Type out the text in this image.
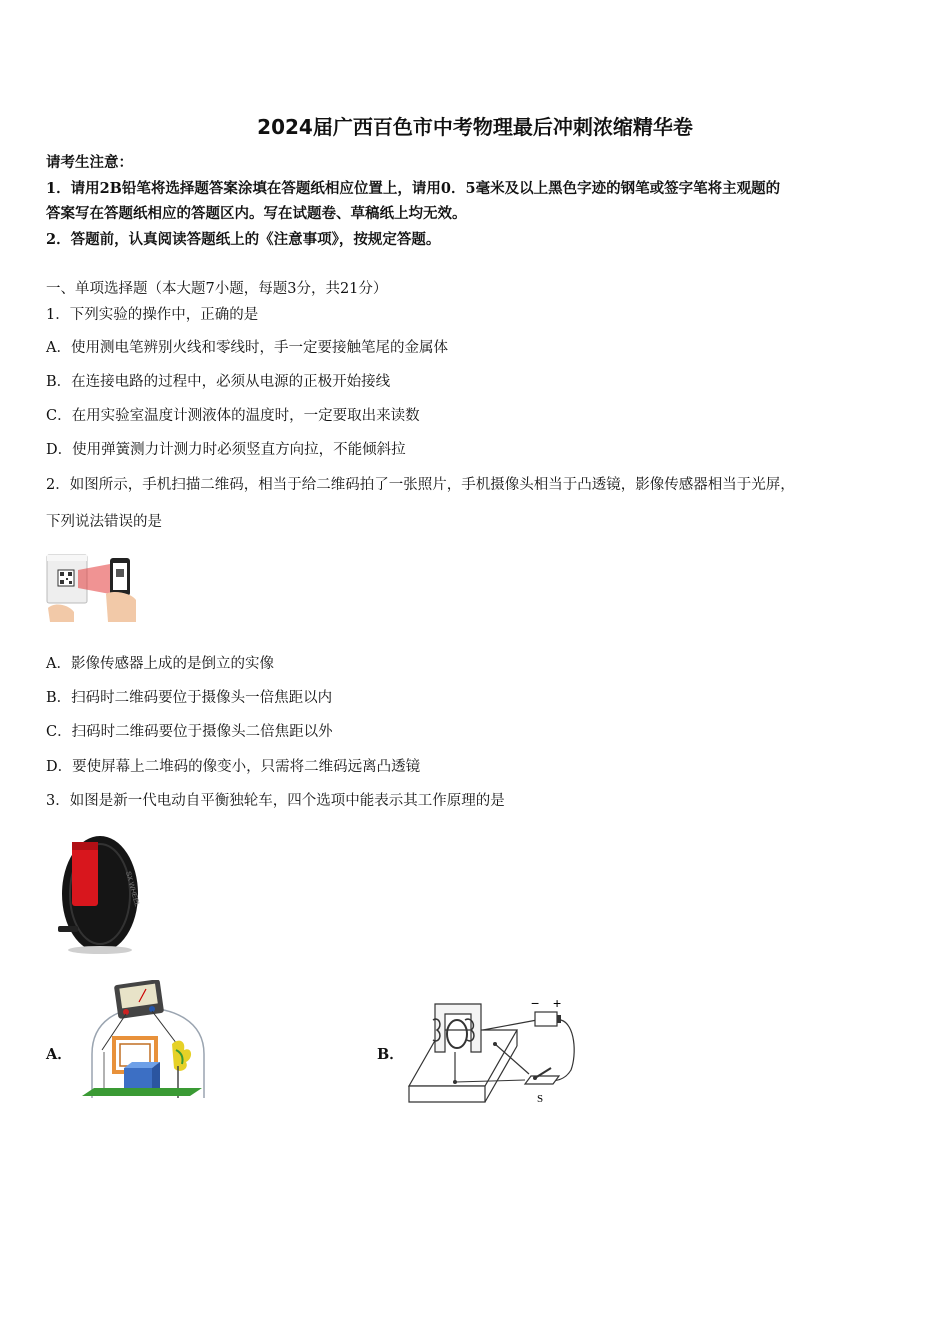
2024届广西百色市中考物理最后冲刺浓缩精华卷
请考生注意：
1．请用2B铅笔将选择题答案涂填在答题纸相应位置上，请用0．5毫米及以上黑色字迹的钢笔或签字笔将主观题的
答案写在答题纸相应的答题区内。写在试题卷、草稿纸上均无效。
2．答题前，认真阅读答题纸上的《注意事项》，按规定答题。
一、单项选择题（本大题7小题，每题3分，共21分）
1．下列实验的操作中，正确的是
A．使用测电笔辨别火线和零线时，手一定要接触笔尾的金属体
B．在连接电路的过程中，必须从电源的正极开始接线
C．在用实验室温度计测液体的温度时，一定要取出来读数
D．使用弹簧测力计测力时必须竖直方向拉，不能倾斜拉
2．如图所示，手机扫描二维码，相当于给二维码拍了一张照片，手机摄像头相当于凸透镜，影像传感器相当于光屏，
下列说法错误的是
A．影像传感器上成的是倒立的实像
B．扫码时二维码要位于摄像头一倍焦距以内
C．扫码时二维码要位于摄像头二倍焦距以外
D．要使屏幕上二堆码的像变小，只需将二维码远离凸透镜
3．如图是新一代电动自平衡独轮车，四个选项中能表示其工作原理的是
SX WHEEL
A．	B．
− +
S
